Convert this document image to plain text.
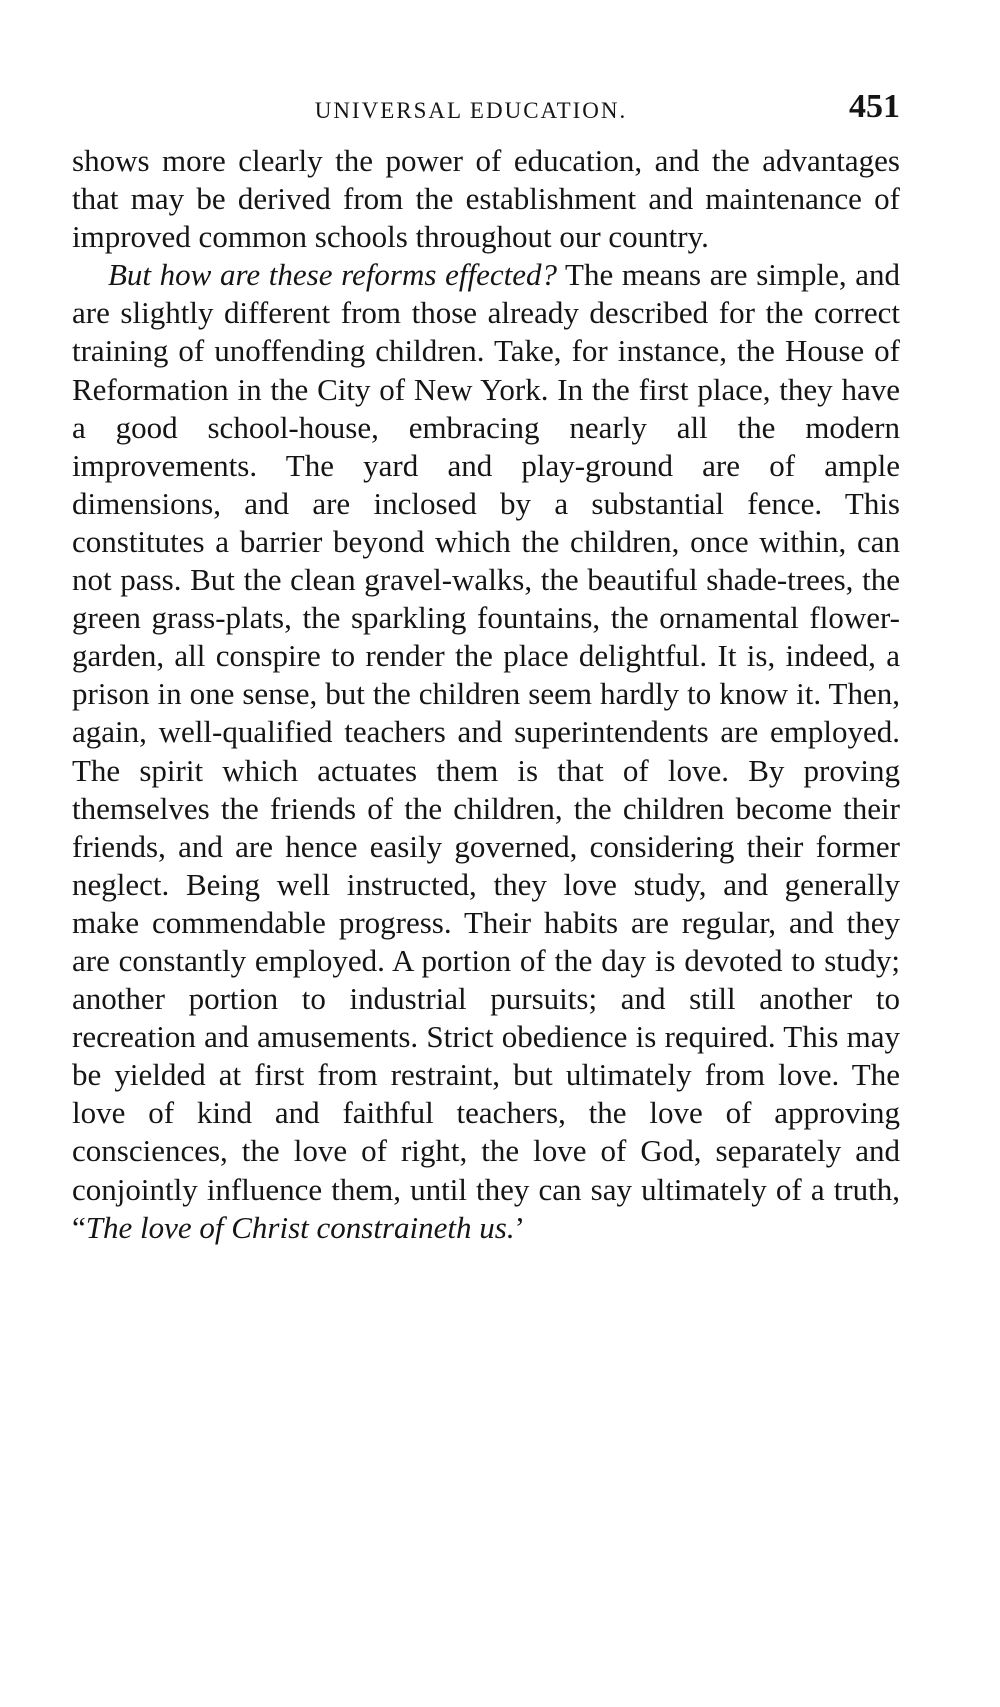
UNIVERSAL EDUCATION.	451

shows more clearly the power of education, and the advantages that may be derived from the establishment and maintenance of improved common schools throughout our country.

But how are these reforms effected? The means are simple, and are slightly different from those already described for the correct training of unoffending children. Take, for instance, the House of Reformation in the City of New York. In the first place, they have a good school-house, embracing nearly all the modern improvements. The yard and play-ground are of ample dimensions, and are inclosed by a substantial fence. This constitutes a barrier beyond which the children, once within, can not pass. But the clean gravel-walks, the beautiful shade-trees, the green grass-plats, the sparkling fountains, the ornamental flower-garden, all conspire to render the place delightful. It is, indeed, a prison in one sense, but the children seem hardly to know it. Then, again, well-qualified teachers and superintendents are employed. The spirit which actuates them is that of love. By proving themselves the friends of the children, the children become their friends, and are hence easily governed, considering their former neglect. Being well instructed, they love study, and generally make commendable progress. Their habits are regular, and they are constantly employed. A portion of the day is devoted to study; another portion to industrial pursuits; and still another to recreation and amusements. Strict obedience is required. This may be yielded at first from restraint, but ultimately from love. The love of kind and faithful teachers, the love of approving consciences, the love of right, the love of God, separately and conjointly influence them, until they can say ultimately of a truth, “The love of Christ constraineth us.’
